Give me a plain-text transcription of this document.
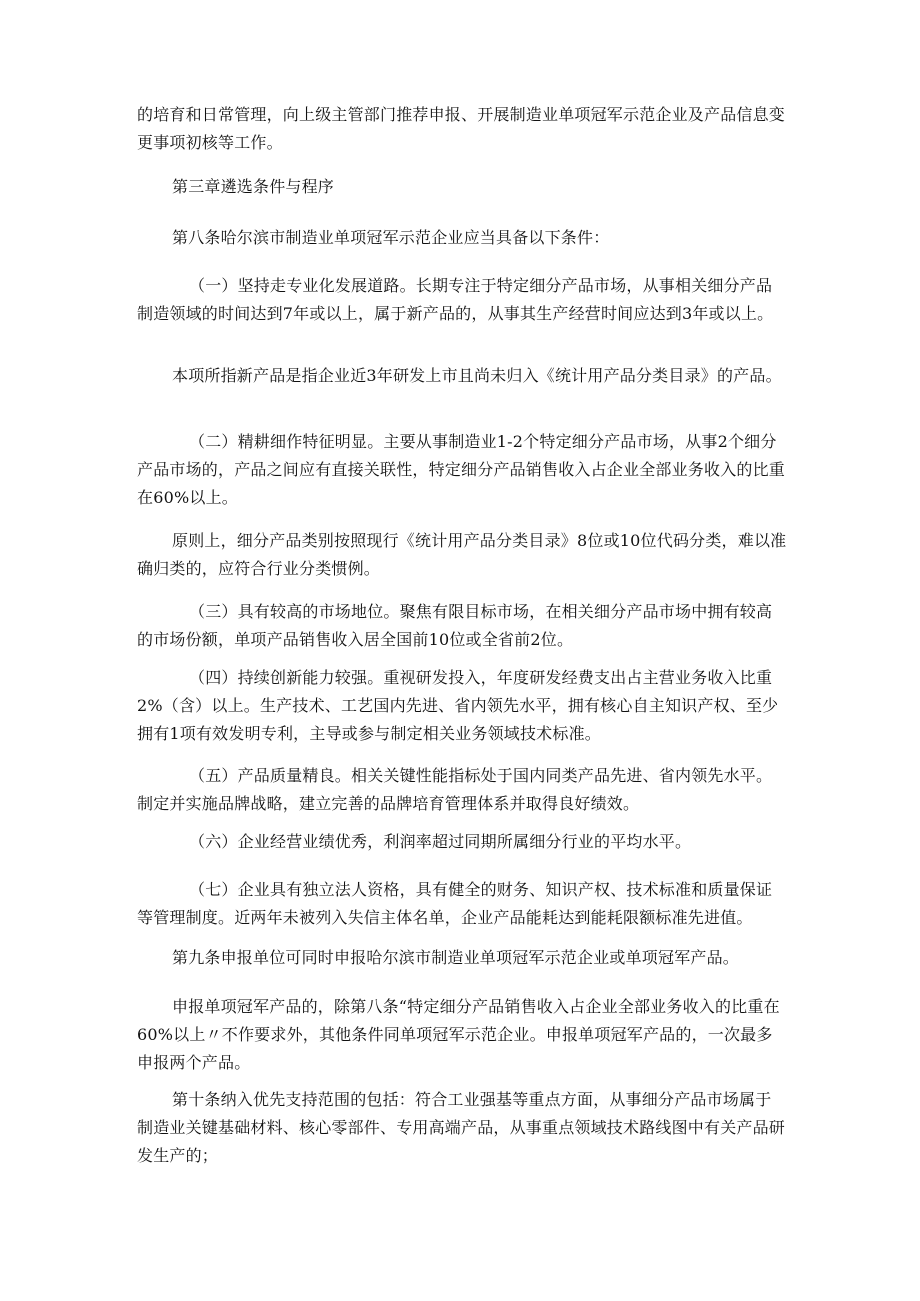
的培育和日常管理，向上级主管部门推荐申报、开展制造业单项冠军示范企业及产品信息变更事项初核等工作。

第三章遴选条件与程序

第八条哈尔滨市制造业单项冠军示范企业应当具备以下条件：

（一）坚持走专业化发展道路。长期专注于特定细分产品市场，从事相关细分产品制造领域的时间达到7年或以上，属于新产品的，从事其生产经营时间应达到3年或以上。

本项所指新产品是指企业近3年研发上市且尚未归入《统计用产品分类目录》的产品。

（二）精耕细作特征明显。主要从事制造业1-2个特定细分产品市场，从事2个细分产品市场的，产品之间应有直接关联性，特定细分产品销售收入占企业全部业务收入的比重在60%以上。

原则上，细分产品类别按照现行《统计用产品分类目录》8位或10位代码分类，难以准确归类的，应符合行业分类惯例。

（三）具有较高的市场地位。聚焦有限目标市场，在相关细分产品市场中拥有较高的市场份额，单项产品销售收入居全国前10位或全省前2位。

（四）持续创新能力较强。重视研发投入，年度研发经费支出占主营业务收入比重2%（含）以上。生产技术、工艺国内先进、省内领先水平，拥有核心自主知识产权、至少拥有1项有效发明专利，主导或参与制定相关业务领域技术标准。

（五）产品质量精良。相关关键性能指标处于国内同类产品先进、省内领先水平。制定并实施品牌战略，建立完善的品牌培育管理体系并取得良好绩效。

（六）企业经营业绩优秀，利润率超过同期所属细分行业的平均水平。

（七）企业具有独立法人资格，具有健全的财务、知识产权、技术标准和质量保证等管理制度。近两年未被列入失信主体名单，企业产品能耗达到能耗限额标准先进值。

第九条申报单位可同时申报哈尔滨市制造业单项冠军示范企业或单项冠军产品。

申报单项冠军产品的，除第八条“特定细分产品销售收入占企业全部业务收入的比重在60%以上〃不作要求外，其他条件同单项冠军示范企业。申报单项冠军产品的，一次最多申报两个产品。

第十条纳入优先支持范围的包括：符合工业强基等重点方面，从事细分产品市场属于制造业关键基础材料、核心零部件、专用高端产品，从事重点领域技术路线图中有关产品研发生产的；
